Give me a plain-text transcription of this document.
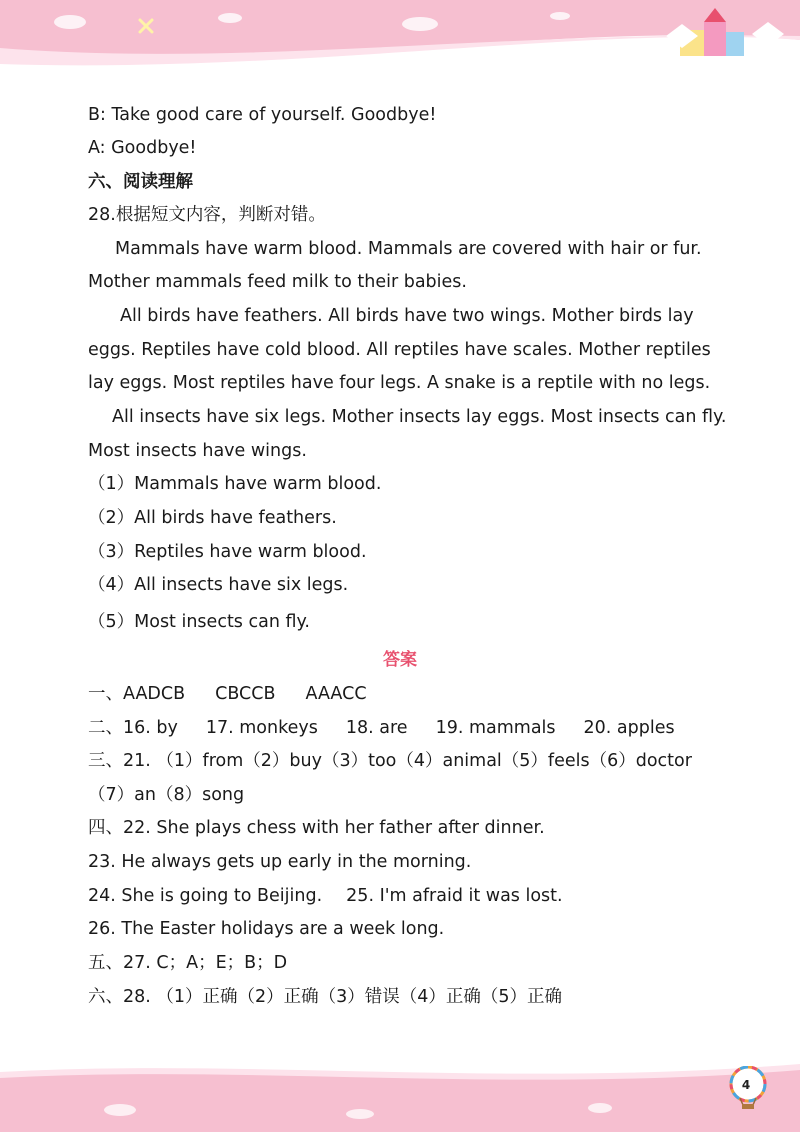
B: Take good care of yourself. Goodbye!

A: Goodbye!

六、阅读理解

28.根据短文内容，判断对错。

Mammals have warm blood. Mammals are covered with hair or fur.

Mother mammals feed milk to their babies.

All birds have feathers. All birds have two wings. Mother birds lay

eggs. Reptiles have cold blood. All reptiles have scales. Mother reptiles

lay eggs. Most reptiles have four legs. A snake is a reptile with no legs.

All insects have six legs. Mother insects lay eggs. Most insects can fly.

Most insects have wings.

（1）Mammals have warm blood.

（2）All birds have feathers.

（3）Reptiles have warm blood.

（4）All insects have six legs.

（5）Most insects can fly.

答案

一、AADCB CBCCB AAACC

二、16. by 17. monkeys 18. are 19. mammals 20. apples

三、21. （1）from（2）buy（3）too（4）animal（5）feels（6）doctor

（7）an（8）song

四、22. She plays chess with her father after dinner.

23. He always gets up early in the morning.

24. She is going to Beijing. 25. I'm afraid it was lost.

26. The Easter holidays are a week long.

五、27. C；A；E；B；D

六、28. （1）正确（2）正确（3）错误（4）正确（5）正确

4
